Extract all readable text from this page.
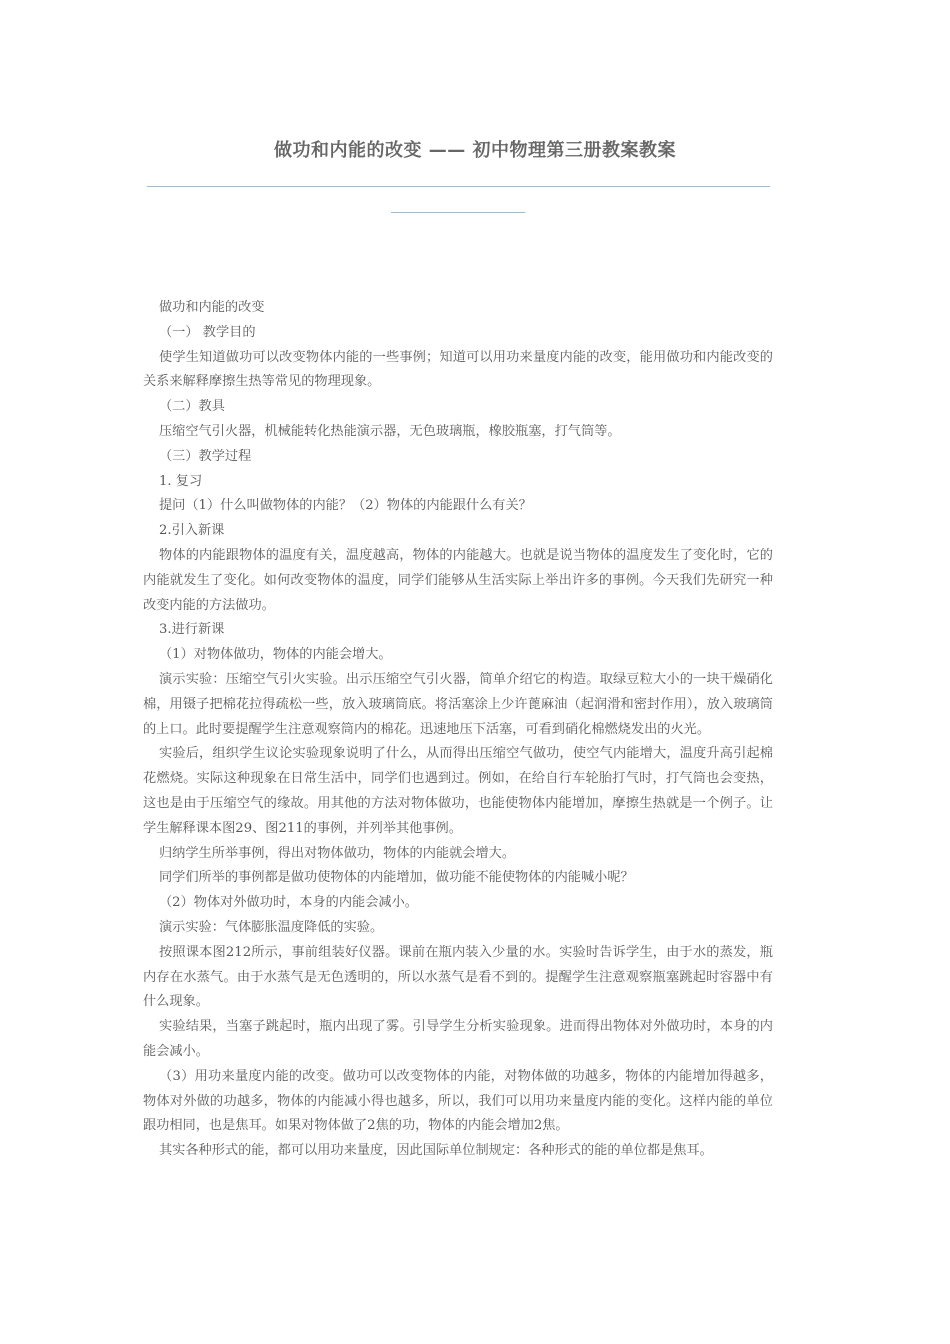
做功和内能的改变 —— 初中物理第三册教案教案

做功和内能的改变

（一） 教学目的

使学生知道做功可以改变物体内能的一些事例；知道可以用功来量度内能的改变，能用做功和内能改变的关系来解释摩擦生热等常见的物理现象。

（二）教具

压缩空气引火器，机械能转化热能演示器，无色玻璃瓶，橡胶瓶塞，打气筒等。

（三）教学过程

1. 复习

提问（1）什么叫做物体的内能？（2）物体的内能跟什么有关？

2.引入新课

物体的内能跟物体的温度有关，温度越高，物体的内能越大。也就是说当物体的温度发生了变化时，它的内能就发生了变化。如何改变物体的温度，同学们能够从生活实际上举出许多的事例。今天我们先研究一种改变内能的方法做功。

3.进行新课

（1）对物体做功，物体的内能会增大。

演示实验：压缩空气引火实验。出示压缩空气引火器，简单介绍它的构造。取绿豆粒大小的一块干燥硝化棉，用镊子把棉花拉得疏松一些，放入玻璃筒底。将活塞涂上少许蓖麻油（起润滑和密封作用），放入玻璃筒的上口。此时要提醒学生注意观察筒内的棉花。迅速地压下活塞，可看到硝化棉燃烧发出的火光。

实验后，组织学生议论实验现象说明了什么，从而得出压缩空气做功，使空气内能增大，温度升高引起棉花燃烧。实际这种现象在日常生活中，同学们也遇到过。例如，在给自行车轮胎打气时，打气筒也会变热，这也是由于压缩空气的缘故。用其他的方法对物体做功，也能使物体内能增加，摩擦生热就是一个例子。让学生解释课本图29、图211的事例，并列举其他事例。

归纳学生所举事例，得出对物体做功，物体的内能就会增大。

同学们所举的事例都是做功使物体的内能增加，做功能不能使物体的内能喊小呢？

（2）物体对外做功时，本身的内能会减小。

演示实验：气体膨胀温度降低的实验。

按照课本图212所示，事前组装好仪器。课前在瓶内装入少量的水。实验时告诉学生，由于水的蒸发，瓶内存在水蒸气。由于水蒸气是无色透明的，所以水蒸气是看不到的。提醒学生注意观察瓶塞跳起时容器中有什么现象。

实验结果，当塞子跳起时，瓶内出现了雾。引导学生分析实验现象。进而得出物体对外做功时，本身的内能会减小。

（3）用功来量度内能的改变。做功可以改变物体的内能，对物体做的功越多，物体的内能增加得越多，物体对外做的功越多，物体的内能减小得也越多，所以，我们可以用功来量度内能的变化。这样内能的单位跟功相同，也是焦耳。如果对物体做了2焦的功，物体的内能会增加2焦。

其实各种形式的能，都可以用功来量度，因此国际单位制规定：各种形式的能的单位都是焦耳。
